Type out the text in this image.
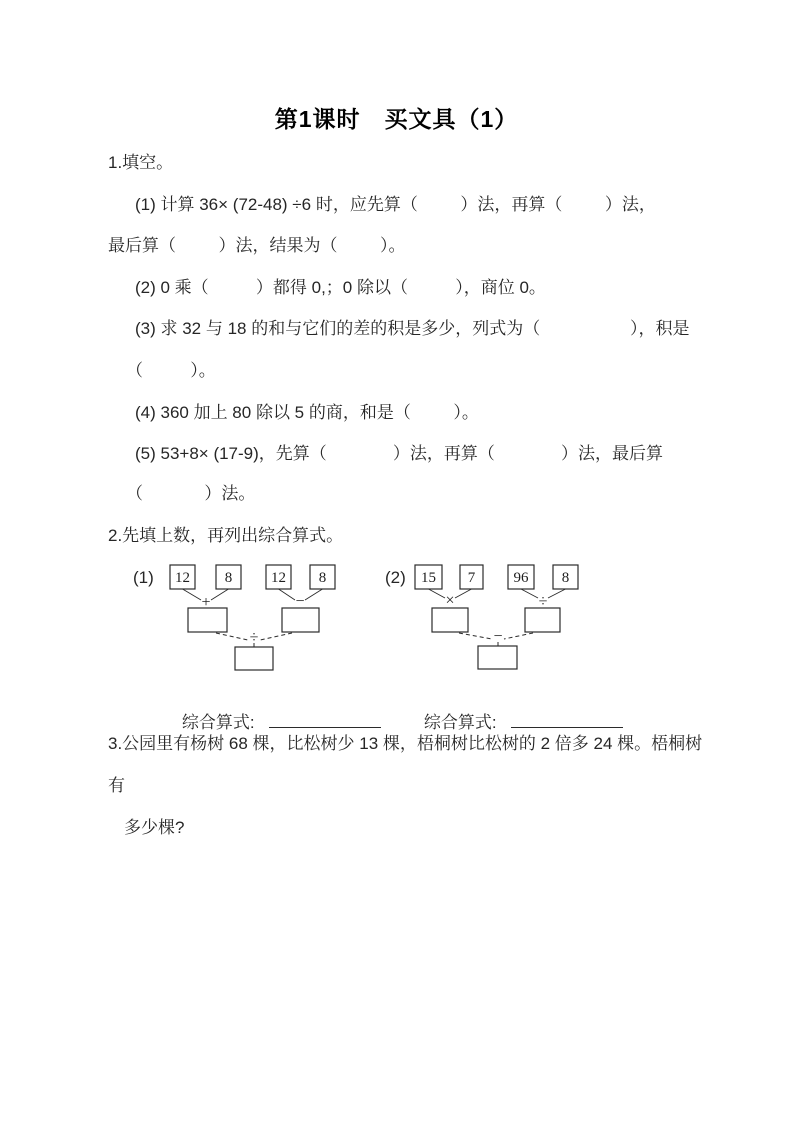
第1课时　买文具（1）
1.填空。
(1) 计算 36× (72-48) ÷6 时，应先算（         ）法，再算（         ）法，
最后算（         ）法，结果为（         ）。
(2) 0 乘（          ）都得 0,；0 除以（          ），商位 0。
(3) 求 32 与 18 的和与它们的差的积是多少，列式为（                   ），积是
（          ）。
(4) 360 加上 80 除以 5 的商，和是（         ）。
(5) 53+8× (17-9)，先算（              ）法，再算（              ）法，最后算
（             ）法。
2.先填上数，再列出综合算式。
(1) 12 8	12 8
+	−
÷
(2) 15 7	96 8
×	÷
−

综合算式:
	综合算式:

3.公园里有杨树 68 棵，比松树少 13 棵，梧桐树比松树的 2 倍多 24 棵。梧桐树
有
多少棵?
